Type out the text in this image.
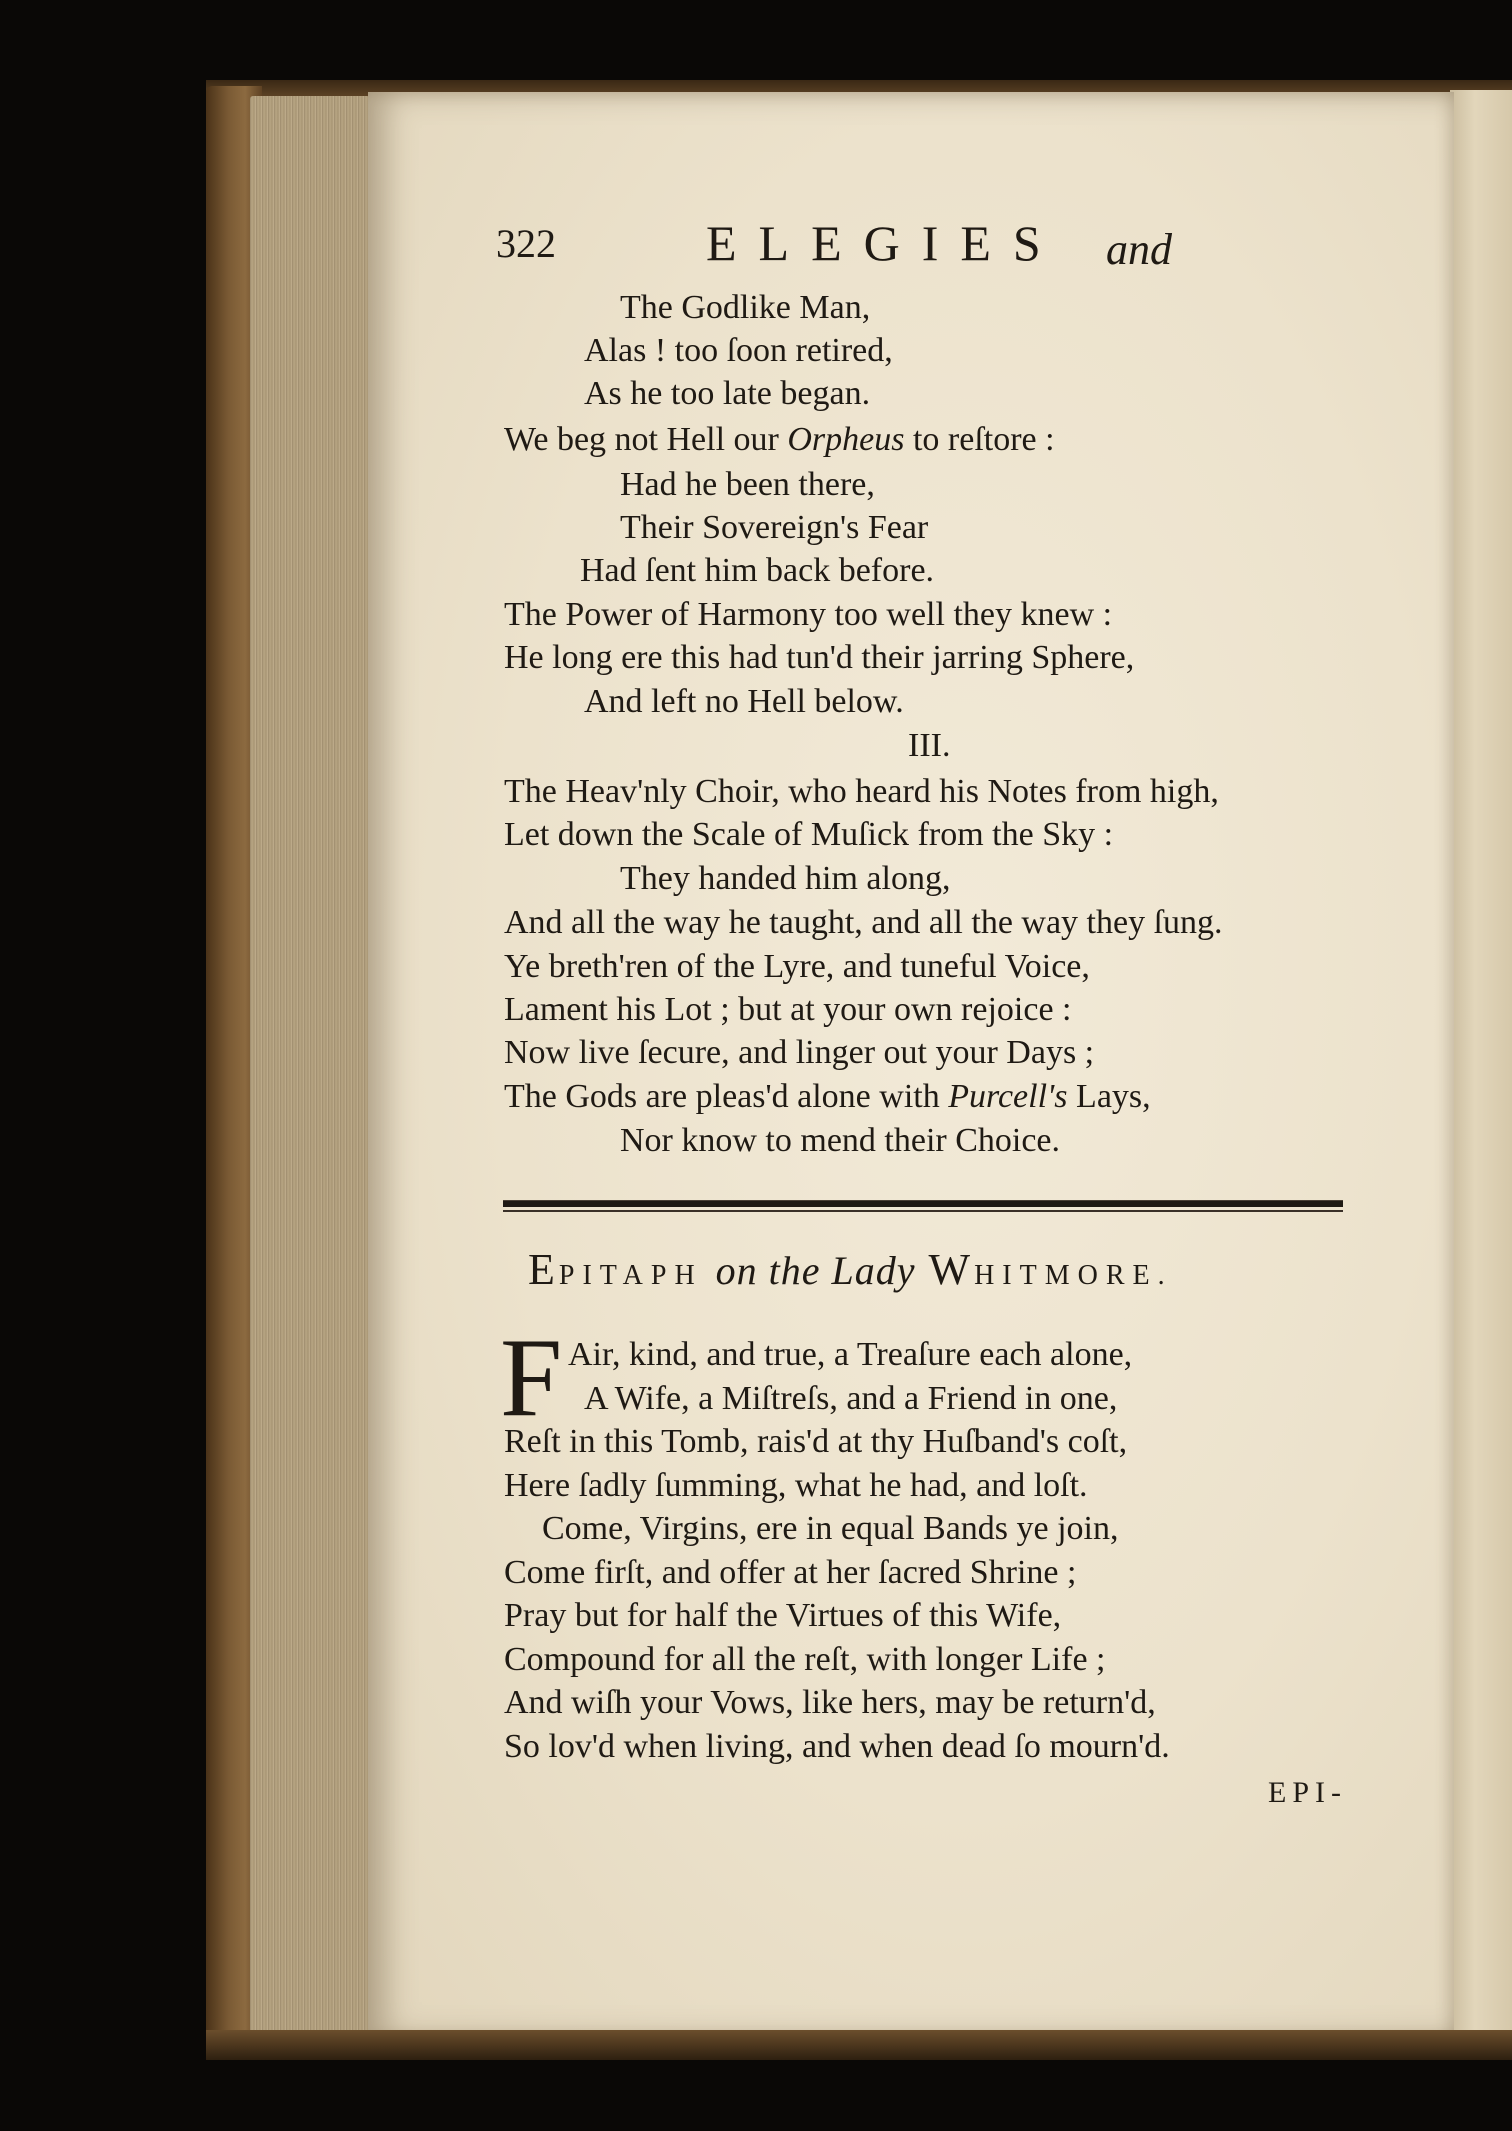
322	ELEGIES and
The Godlike Man,
Alas ! too ſoon retired,
As he too late began.
We beg not Hell our Orpheus to reſtore :
Had he been there,
Their Sovereign's Fear
Had ſent him back before.
The Power of Harmony too well they knew :
He long ere this had tun'd their jarring Sphere,
And left no Hell below.
III.
The Heav'nly Choir, who heard his Notes from high,
Let down the Scale of Muſick from the Sky :
They handed him along,
And all the way he taught, and all the way they ſung.
Ye breth'ren of the Lyre, and tuneful Voice,
Lament his Lot ; but at your own rejoice :
Now live ſecure, and linger out your Days ;
The Gods are pleas'd alone with Purcell's Lays,
Nor know to mend their Choice.
EPITAPH on the Lady WHITMORE.
F Air, kind, and true, a Treaſure each alone,
A Wife, a Miſtreſs, and a Friend in one,
Reſt in this Tomb, rais'd at thy Huſband's coſt,
Here ſadly ſumming, what he had, and loſt.
Come, Virgins, ere in equal Bands ye join,
Come firſt, and offer at her ſacred Shrine ;
Pray but for half the Virtues of this Wife,
Compound for all the reſt, with longer Life ;
And wiſh your Vows, like hers, may be return'd,
So lov'd when living, and when dead ſo mourn'd.
EPI-
